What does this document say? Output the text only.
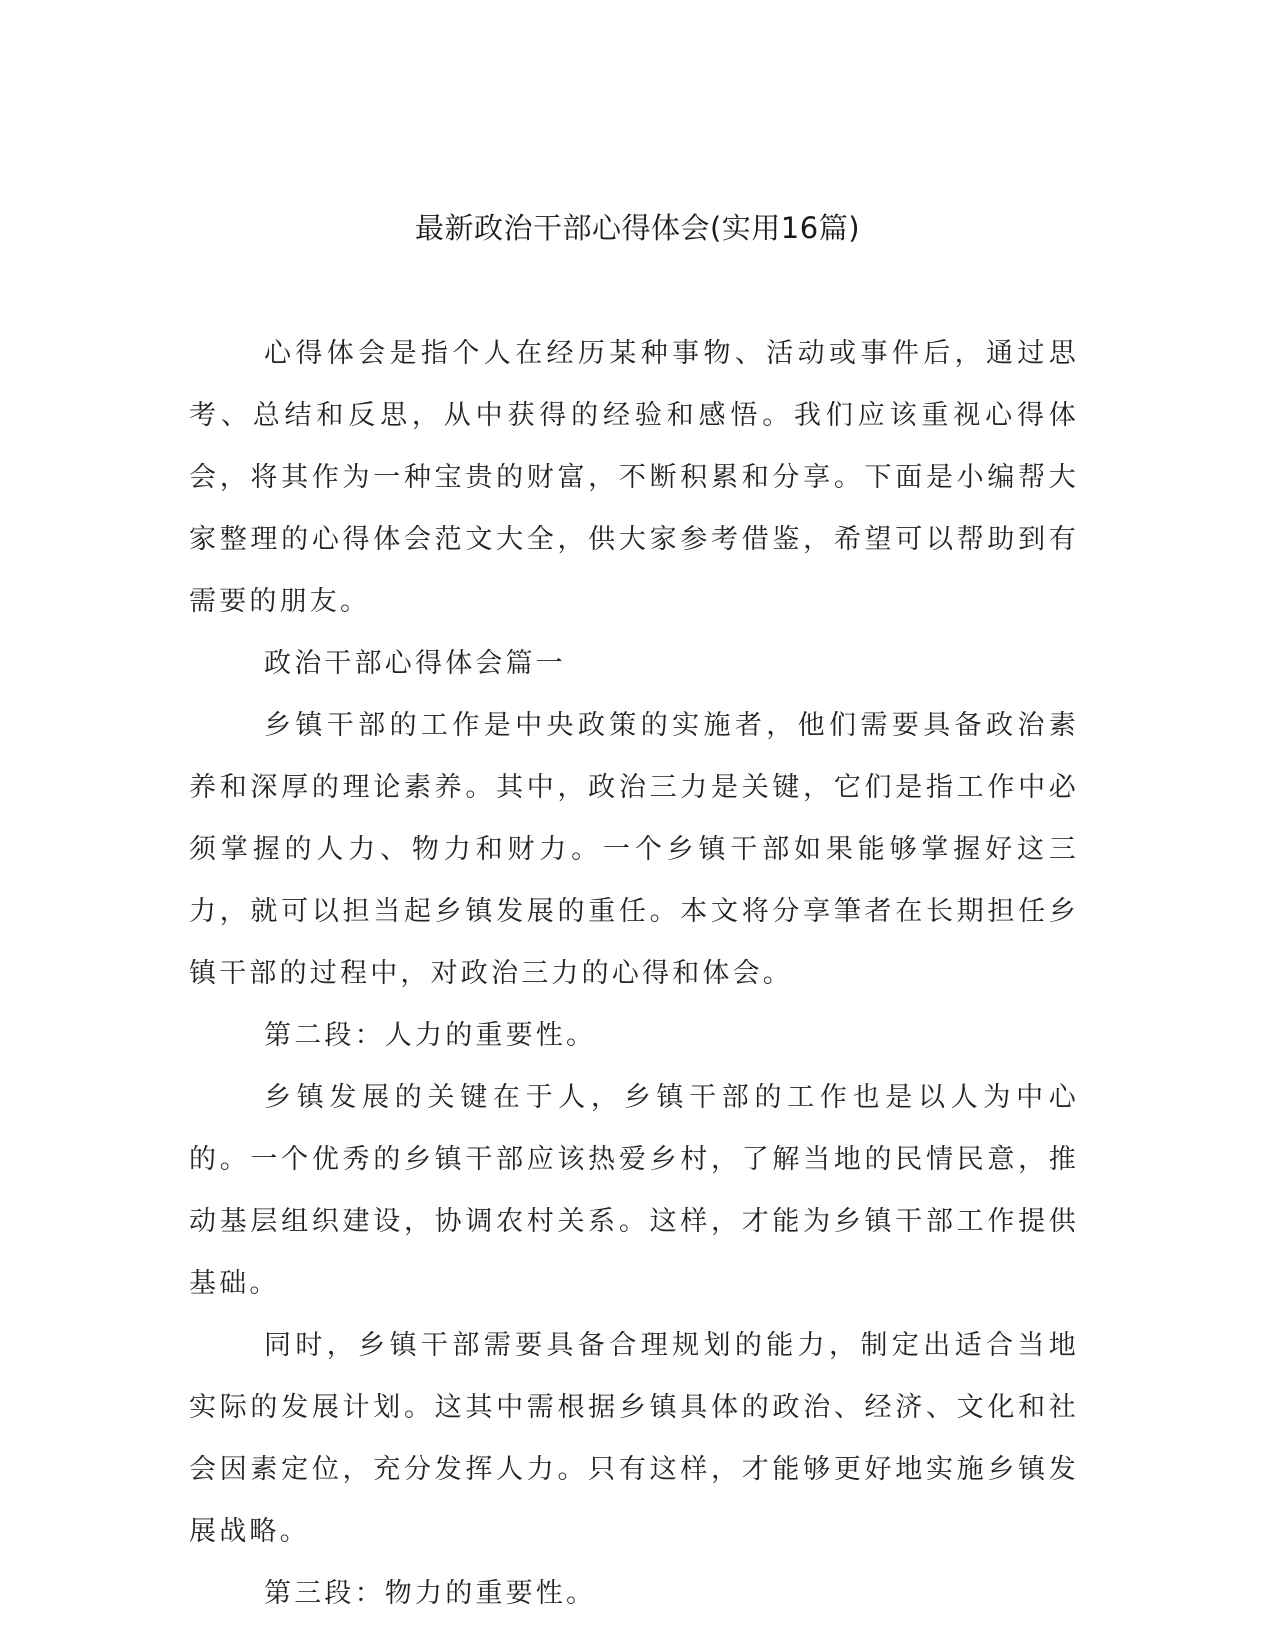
最新政治干部心得体会(实用16篇)

心得体会是指个人在经历某种事物、活动或事件后，通过思考、总结和反思，从中获得的经验和感悟。我们应该重视心得体会，将其作为一种宝贵的财富，不断积累和分享。下面是小编帮大家整理的心得体会范文大全，供大家参考借鉴，希望可以帮助到有需要的朋友。

政治干部心得体会篇一

乡镇干部的工作是中央政策的实施者，他们需要具备政治素养和深厚的理论素养。其中，政治三力是关键，它们是指工作中必须掌握的人力、物力和财力。一个乡镇干部如果能够掌握好这三力，就可以担当起乡镇发展的重任。本文将分享筆者在长期担任乡镇干部的过程中，对政治三力的心得和体会。

第二段：人力的重要性。

乡镇发展的关键在于人，乡镇干部的工作也是以人为中心的。一个优秀的乡镇干部应该热爱乡村，了解当地的民情民意，推动基层组织建设，协调农村关系。这样，才能为乡镇干部工作提供基础。

同时，乡镇干部需要具备合理规划的能力，制定出适合当地实际的发展计划。这其中需根据乡镇具体的政治、经济、文化和社会因素定位，充分发挥人力。只有这样，才能够更好地实施乡镇发展战略。

第三段：物力的重要性。
